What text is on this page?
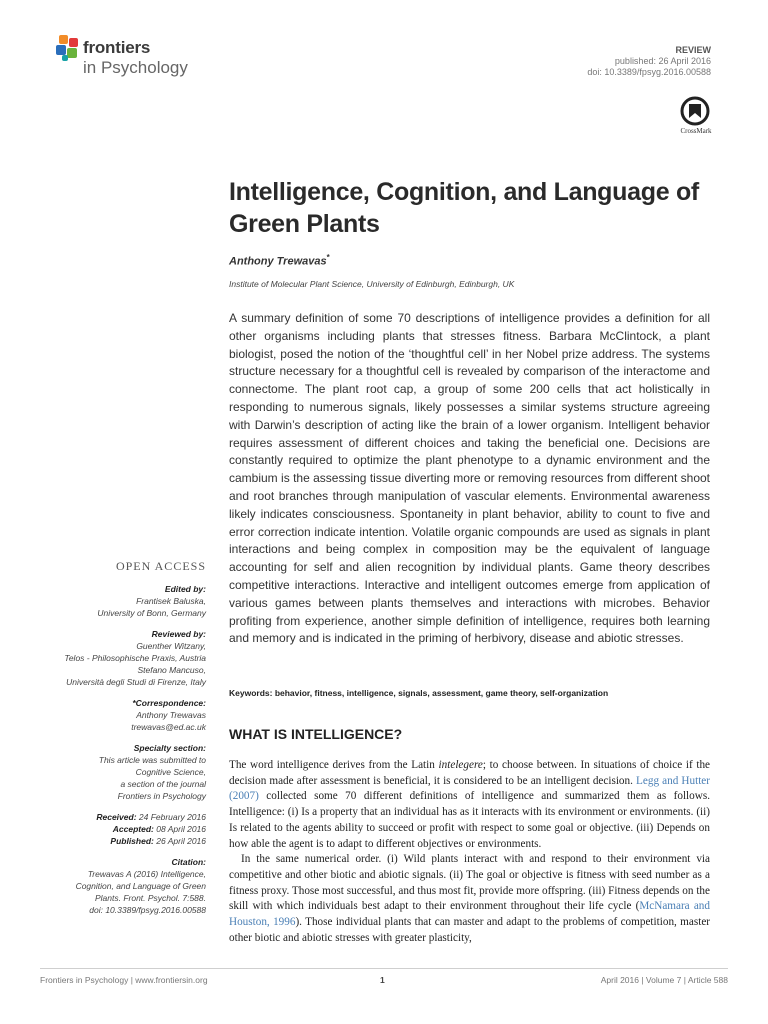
frontiers
in Psychology
REVIEW
published: 26 April 2016
doi: 10.3389/fpsyg.2016.00588
CrossMark
Intelligence, Cognition, and Language of Green Plants
Anthony Trewavas*
Institute of Molecular Plant Science, University of Edinburgh, Edinburgh, UK

A summary definition of some 70 descriptions of intelligence provides a definition for all other organisms including plants that stresses fitness. Barbara McClintock, a plant biologist, posed the notion of the ‘thoughtful cell’ in her Nobel prize address. The systems structure necessary for a thoughtful cell is revealed by comparison of the interactome and connectome. The plant root cap, a group of some 200 cells that act holistically in responding to numerous signals, likely possesses a similar systems structure agreeing with Darwin’s description of acting like the brain of a lower organism. Intelligent behavior requires assessment of different choices and taking the beneficial one. Decisions are constantly required to optimize the plant phenotype to a dynamic environment and the cambium is the assessing tissue diverting more or removing resources from different shoot and root branches through manipulation of vascular elements. Environmental awareness likely indicates consciousness. Spontaneity in plant behavior, ability to count to five and error correction indicate intention. Volatile organic compounds are used as signals in plant interactions and being complex in composition may be the equivalent of language accounting for self and alien recognition by individual plants. Game theory describes competitive interactions. Interactive and intelligent outcomes emerge from application of various games between plants themselves and interactions with microbes. Behavior profiting from experience, another simple definition of intelligence, requires both learning and memory and is indicated in the priming of herbivory, disease and abiotic stresses.

Keywords: behavior, fitness, intelligence, signals, assessment, game theory, self-organization
WHAT IS INTELLIGENCE?

The word intelligence derives from the Latin intelegere; to choose between. In situations of choice if the decision made after assessment is beneficial, it is considered to be an intelligent decision. Legg and Hutter (2007) collected some 70 different definitions of intelligence and summarized them as follows. Intelligence: (i) Is a property that an individual has as it interacts with its environment or environments. (ii) Is related to the agents ability to succeed or profit with respect to some goal or objective. (iii) Depends on how able the agent is to adapt to different objectives or environments.

In the same numerical order. (i) Wild plants interact with and respond to their environment via competitive and other biotic and abiotic signals. (ii) The goal or objective is fitness with seed number as a fitness proxy. Those most successful, and thus most fit, provide more offspring. (iii) Fitness depends on the skill with which individuals best adapt to their environment throughout their life cycle (McNamara and Houston, 1996). Those individual plants that can master and adapt to the problems of competition, master other biotic and abiotic stresses with greater plasticity,

OPEN ACCESS
Edited by:
Frantisek Baluska,
University of Bonn, Germany
Reviewed by:
Guenther Witzany,
Telos - Philosophische Praxis, Austria
Stefano Mancuso,
Università degli Studi di Firenze, Italy
*Correspondence:
Anthony Trewavas
trewavas@ed.ac.uk
Specialty section:
This article was submitted to
Cognitive Science,
a section of the journal
Frontiers in Psychology
Received: 24 February 2016
Accepted: 08 April 2016
Published: 26 April 2016
Citation:
Trewavas A (2016) Intelligence,
Cognition, and Language of Green
Plants. Front. Psychol. 7:588.
doi: 10.3389/fpsyg.2016.00588
Frontiers in Psychology | www.frontiersin.org	1	April 2016 | Volume 7 | Article 588
